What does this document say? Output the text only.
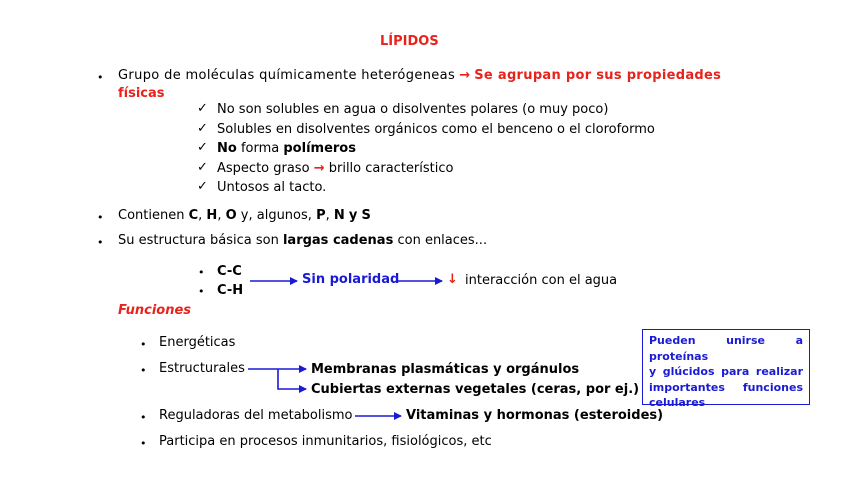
LÍPIDOS
• Grupo de moléculas químicamente heterógeneas → Se agrupan por sus propiedades
físicas
✓ No son solubles en agua o disolventes polares (o muy poco)
✓ Solubles en disolventes orgánicos como el benceno o el cloroformo
✓ No forma polímeros
✓ Aspecto graso → brillo característico
✓ Untosos al tacto.
• Contienen C, H, O y, algunos, P, N y S
• Su estructura básica son largas cadenas con enlaces...
• C-C
• C-H
Sin polaridad	↓ interacción con el agua
Funciones
• Energéticas
• Estructurales	Membranas plasmáticas y orgánulos
Cubiertas externas vegetales (ceras, por ej.)
• Reguladoras del metabolismo	Vitaminas y hormonas (esteroides)
• Participa en procesos inmunitarios, fisiológicos, etc
Pueden unirse a proteínas
y glúcidos para realizar
importantes funciones
celulares
